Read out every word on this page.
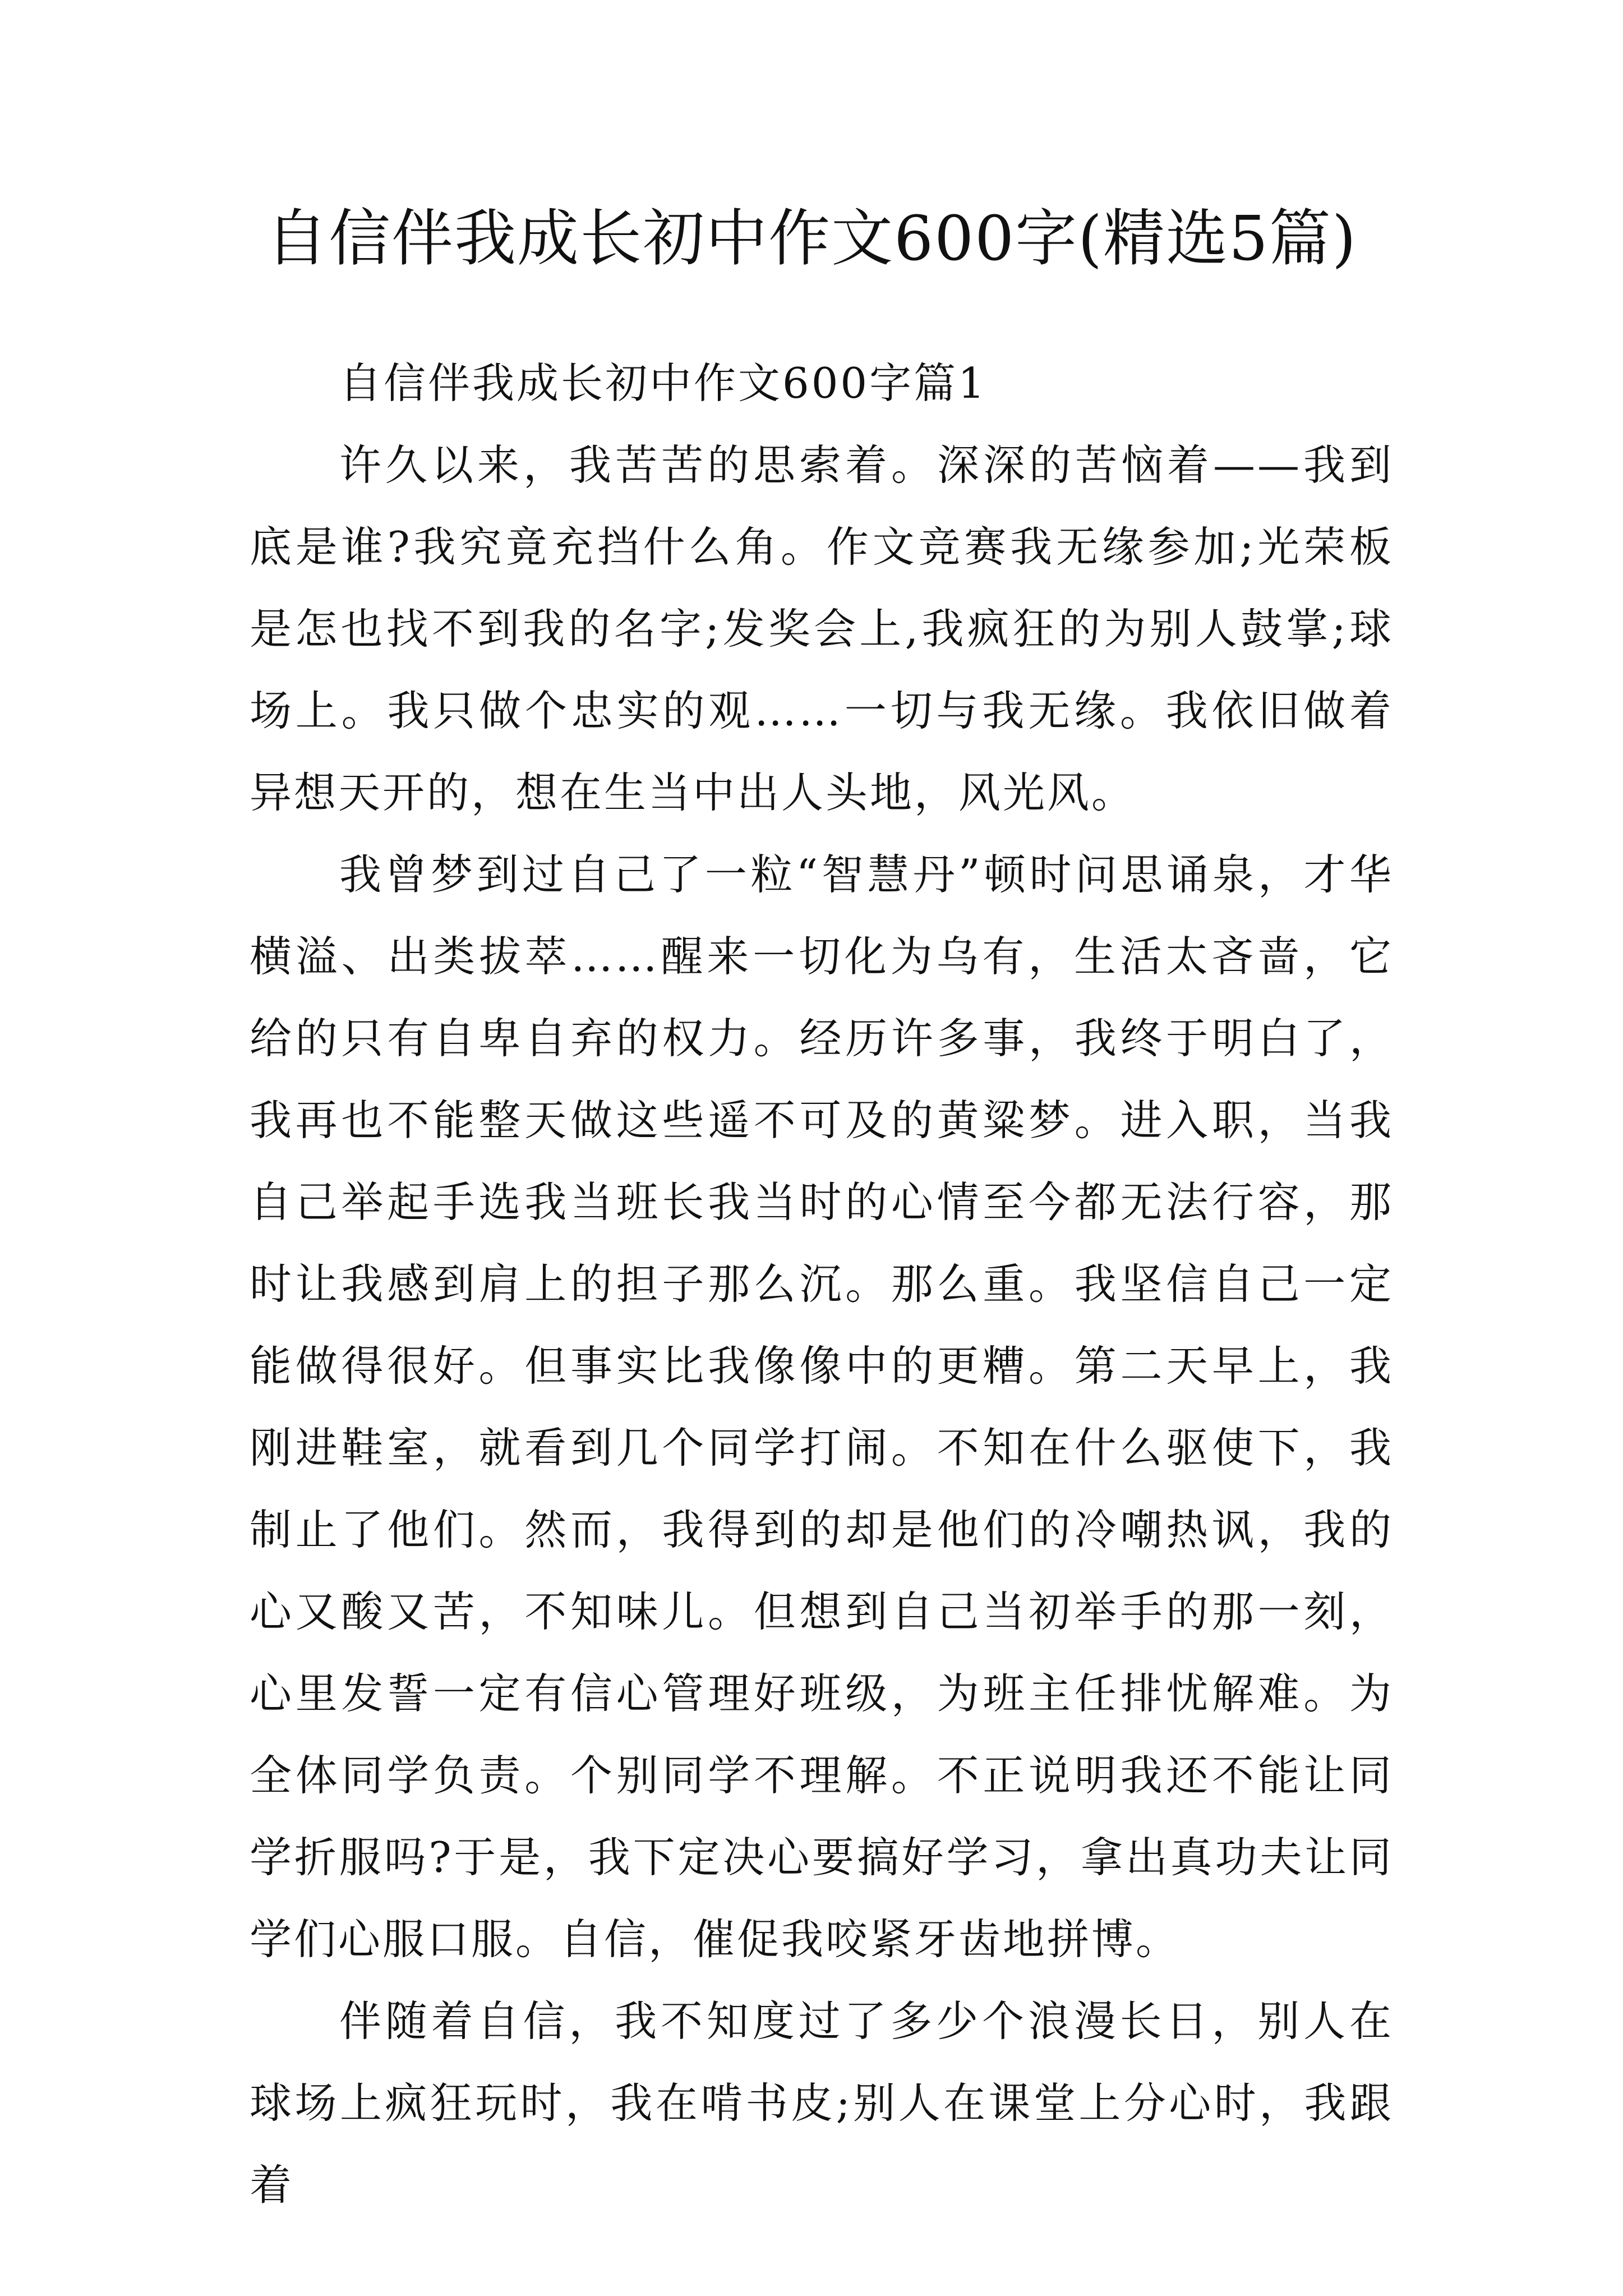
自信伴我成长初中作文600字(精选5篇)

自信伴我成长初中作文600字篇1

许久以来，我苦苦的思索着。深深的苦恼着——我到底是谁?我究竟充挡什么角。作文竞赛我无缘参加;光荣板是怎也找不到我的名字;发奖会上,我疯狂的为别人鼓掌;球场上。我只做个忠实的观……一切与我无缘。我依旧做着异想天开的，想在生当中出人头地，风光风。

我曾梦到过自己了一粒“智慧丹”顿时问思诵泉，才华横溢、出类拔萃……醒来一切化为乌有，生活太吝啬，它给的只有自卑自弃的权力。经历许多事，我终于明白了，我再也不能整天做这些遥不可及的黄粱梦。进入职，当我自己举起手选我当班长我当时的心情至今都无法行容，那时让我感到肩上的担子那么沉。那么重。我坚信自己一定能做得很好。但事实比我像像中的更糟。第二天早上，我刚进鞋室，就看到几个同学打闹。不知在什么驱使下，我制止了他们。然而，我得到的却是他们的冷嘲热讽，我的心又酸又苦，不知味儿。但想到自己当初举手的那一刻，心里发誓一定有信心管理好班级，为班主任排忧解难。为全体同学负责。个别同学不理解。不正说明我还不能让同学折服吗?于是，我下定决心要搞好学习，拿出真功夫让同学们心服口服。自信，催促我咬紧牙齿地拼博。

伴随着自信，我不知度过了多少个浪漫长日，别人在球场上疯狂玩时，我在啃书皮;别人在课堂上分心时，我跟着
